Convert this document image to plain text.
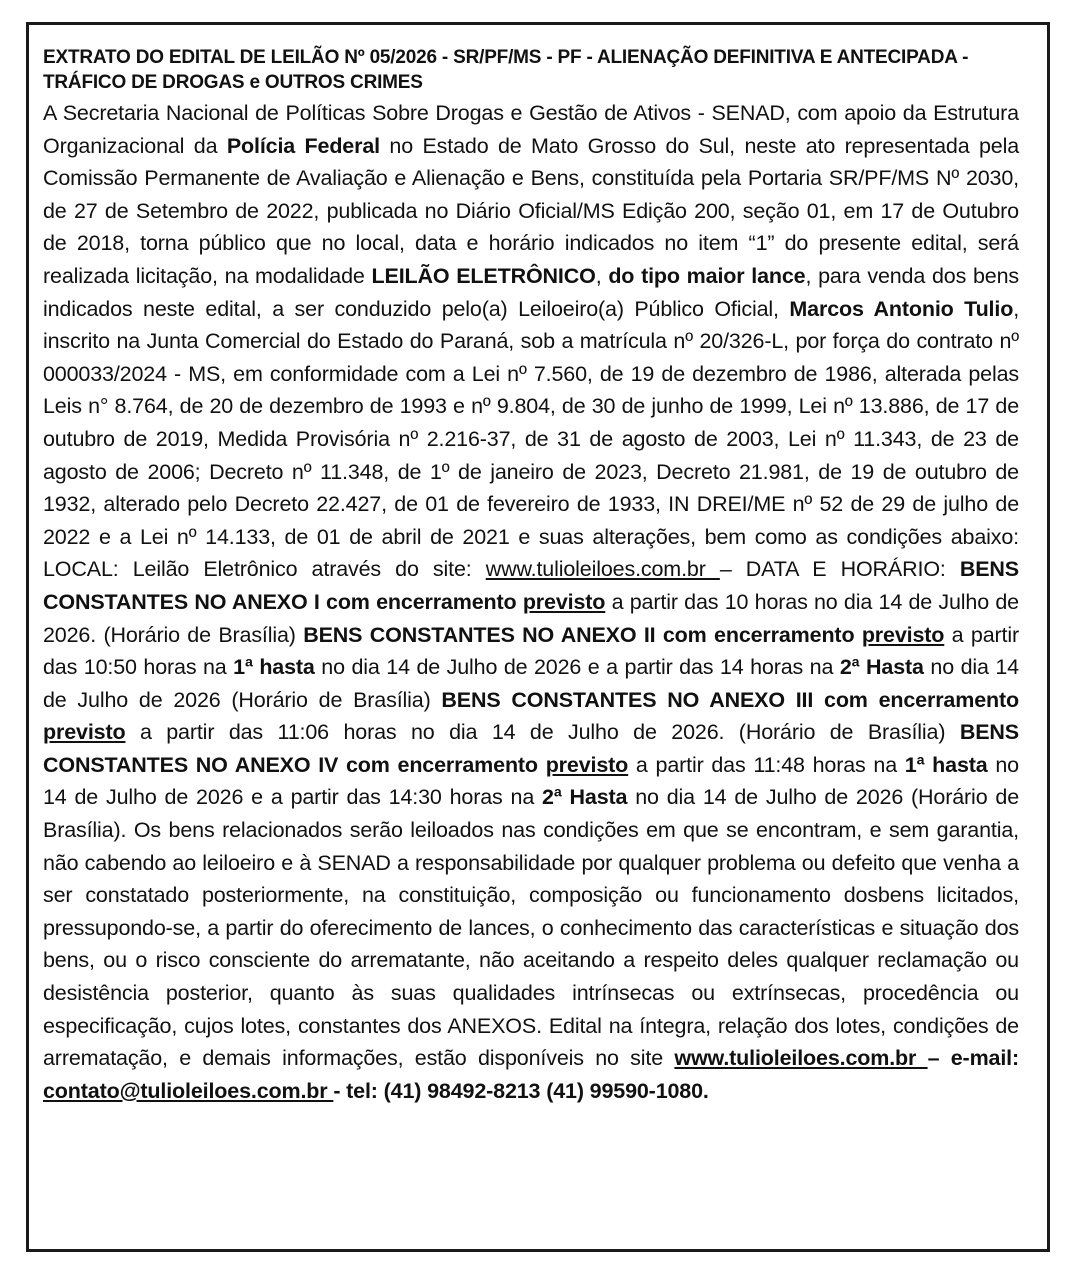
EXTRATO DO EDITAL DE LEILÃO Nº 05/2026 - SR/PF/MS - PF - ALIENAÇÃO DEFINITIVA E ANTECIPADA - TRÁFICO DE DROGAS e OUTROS CRIMES

A Secretaria Nacional de Políticas Sobre Drogas e Gestão de Ativos - SENAD, com apoio da Estrutura Organizacional da Polícia Federal no Estado de Mato Grosso do Sul, neste ato representada pela Comissão Permanente de Avaliação e Alienação e Bens, constituída pela Portaria SR/PF/MS Nº 2030, de 27 de Setembro de 2022, publicada no Diário Oficial/MS Edição 200, seção 01, em 17 de Outubro de 2018, torna público que no local, data e horário indicados no item “1” do presente edital, será realizada licitação, na modalidade LEILÃO ELETRÔNICO, do tipo maior lance, para venda dos bens indicados neste edital, a ser conduzido pelo(a) Leiloeiro(a) Público Oficial, Marcos Antonio Tulio, inscrito na Junta Comercial do Estado do Paraná, sob a matrícula nº 20/326-L, por força do contrato nº 000033/2024 - MS, em conformidade com a Lei nº 7.560, de 19 de dezembro de 1986, alterada pelas Leis n° 8.764, de 20 de dezembro de 1993 e nº 9.804, de 30 de junho de 1999, Lei nº 13.886, de 17 de outubro de 2019, Medida Provisória nº 2.216-37, de 31 de agosto de 2003, Lei nº 11.343, de 23 de agosto de 2006; Decreto nº 11.348, de 1º de janeiro de 2023, Decreto 21.981, de 19 de outubro de 1932, alterado pelo Decreto 22.427, de 01 de fevereiro de 1933, IN DREI/ME nº 52 de 29 de julho de 2022 e a Lei nº 14.133, de 01 de abril de 2021 e suas alterações, bem como as condições abaixo: LOCAL: Leilão Eletrônico através do site: www.tulioleiloes.com.br – DATA E HORÁRIO: BENS CONSTANTES NO ANEXO I com encerramento previsto a partir das 10 horas no dia 14 de Julho de 2026. (Horário de Brasília) BENS CONSTANTES NO ANEXO II com encerramento previsto a partir das 10:50 horas na 1ª hasta no dia 14 de Julho de 2026 e a partir das 14 horas na 2ª Hasta no dia 14 de Julho de 2026 (Horário de Brasília) BENS CONSTANTES NO ANEXO III com encerramento previsto a partir das 11:06 horas no dia 14 de Julho de 2026. (Horário de Brasília) BENS CONSTANTES NO ANEXO IV com encerramento previsto a partir das 11:48 horas na 1ª hasta no 14 de Julho de 2026 e a partir das 14:30 horas na 2ª Hasta no dia 14 de Julho de 2026 (Horário de Brasília). Os bens relacionados serão leiloados nas condições em que se encontram, e sem garantia, não cabendo ao leiloeiro e à SENAD a responsabilidade por qualquer problema ou defeito que venha a ser constatado posteriormente, na constituição, composição ou funcionamento dosbens licitados, pressupondo-se, a partir do oferecimento de lances, o conhecimento das características e situação dos bens, ou o risco consciente do arrematante, não aceitando a respeito deles qualquer reclamação ou desistência posterior, quanto às suas qualidades intrínsecas ou extrínsecas, procedência ou especificação, cujos lotes, constantes dos ANEXOS. Edital na íntegra, relação dos lotes, condições de arrematação, e demais informações, estão disponíveis no site www.tulioleiloes.com.br – e-mail: contato@tulioleiloes.com.br - tel: (41) 98492-8213 (41) 99590-1080.
